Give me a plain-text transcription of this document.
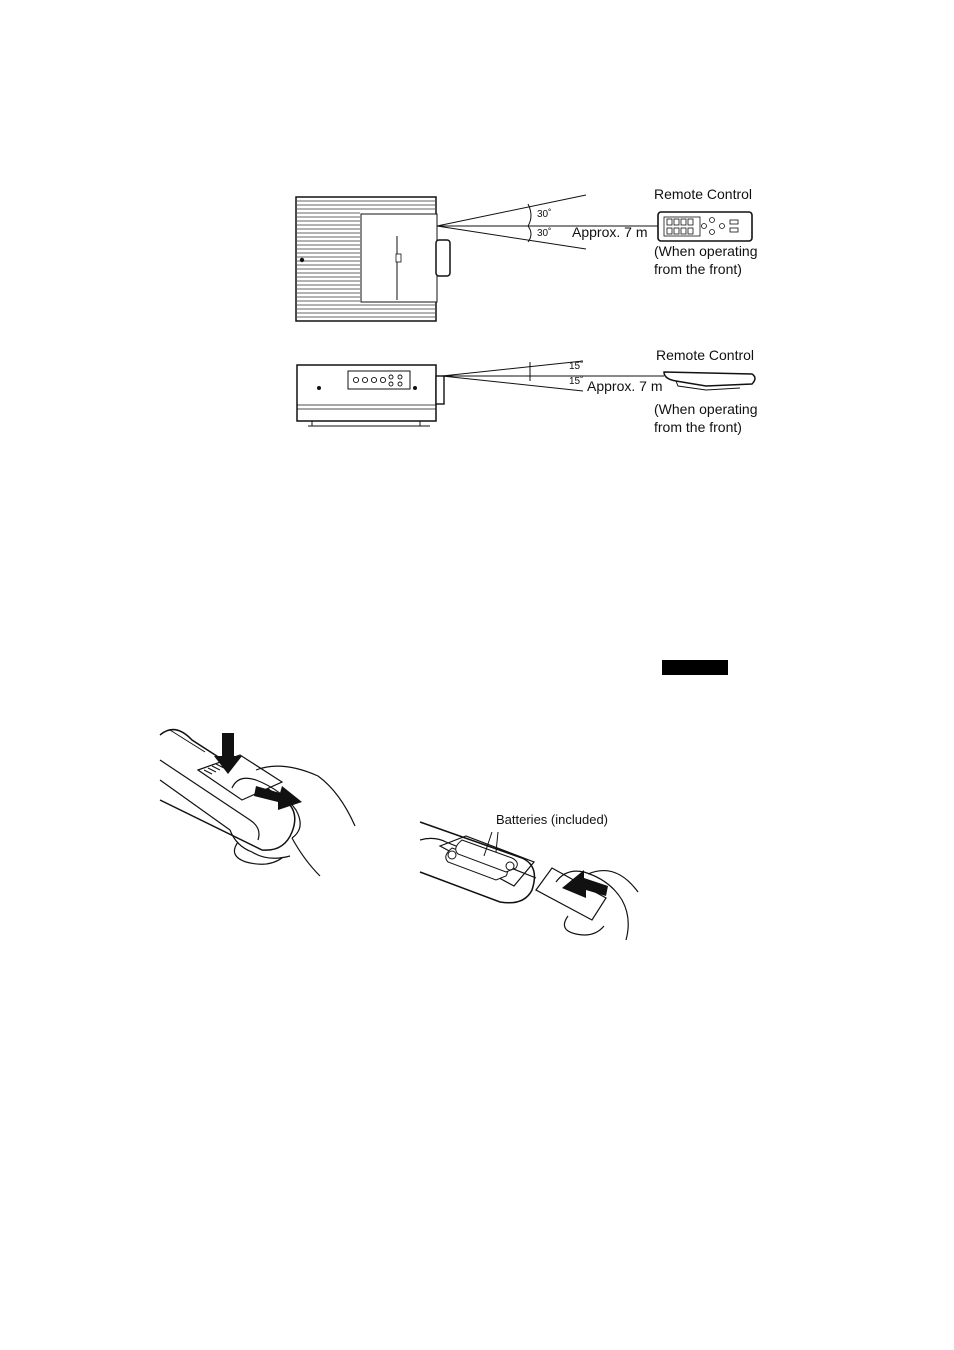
30˚
30˚ Approx. 7 m
Remote Control
(When operating
from the front)
15˚
15˚ Approx. 7 m
Remote Control
(When operating
from the front)
Batteries (included)
